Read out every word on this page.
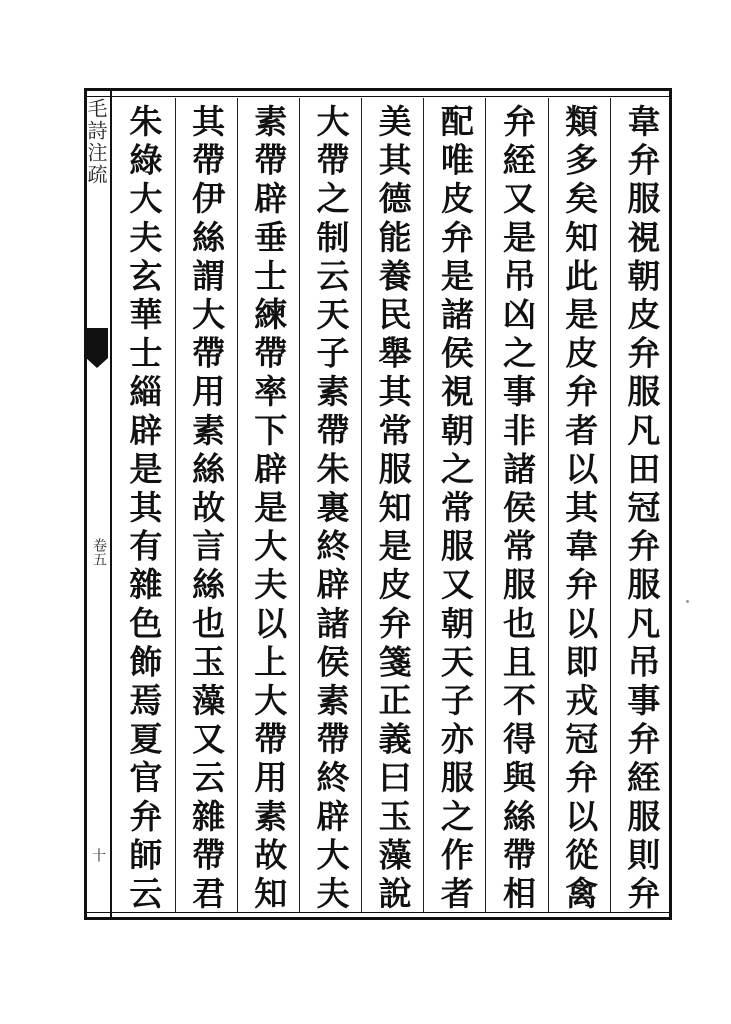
毛詩注疏
卷五
十	韋弁服視朝皮弁服凡田冠弁服凡吊事弁絰服則弁
類多矣知此是皮弁者以其韋弁以即戎冠弁以從禽
弁絰又是吊凶之事非諸侯常服也且不得與絲帶相
配唯皮弁是諸侯視朝之常服又朝天子亦服之作者
美其德能養民舉其常服知是皮弁箋正義曰玉藻說
大帶之制云天子素帶朱裏終辟諸侯素帶終辟大夫
素帶辟垂士練帶率下辟是大夫以上大帶用素故知
其帶伊絲謂大帶用素絲故言絲也玉藻又云雜帶君
朱綠大夫玄華士緇辟是其有雜色飾焉夏官弁師云
